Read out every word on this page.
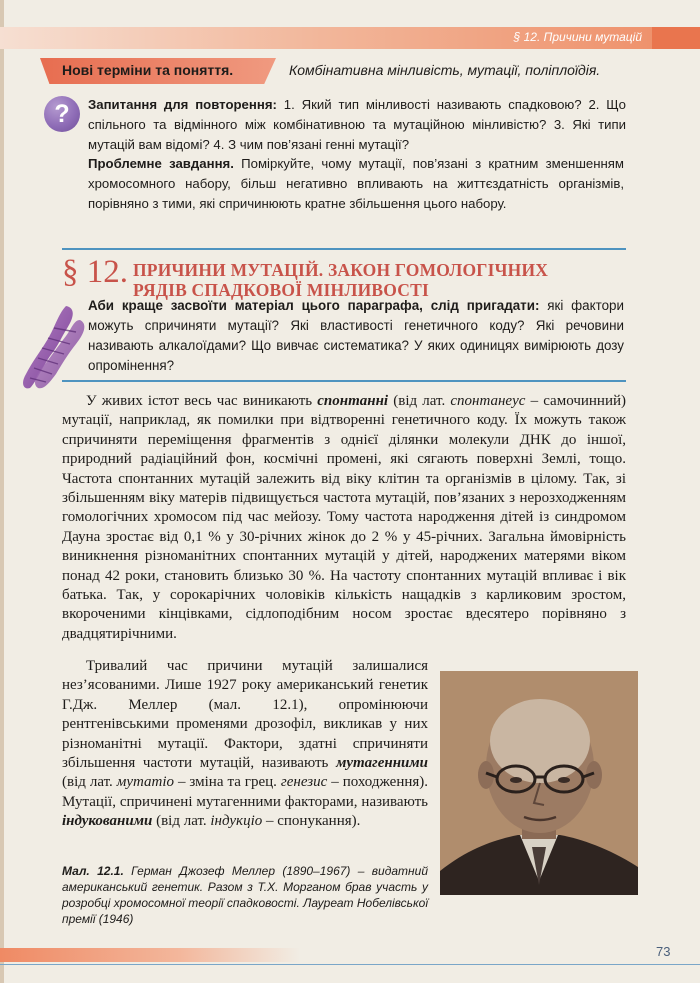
§ 12. Причини мутацій
Нові терміни та поняття.	Комбінативна мінливість, мутації, поліплоїдія.
?	Запитання для повторення: 1. Який тип мінливості називають спадковою? 2. Що спільного та відмінного між комбінативною та мутаційною мінливістю? 3. Які типи мутацій вам відомі? 4. З чим пов’язані генні мутації?
Проблемне завдання. Поміркуйте, чому мутації, пов’язані з кратним зменшенням хромосомного набору, більш негативно впливають на життєздатність організмів, порівняно з тими, які спричинюють кратне збільшення цього набору.
§ 12. ПРИЧИНИ МУТАЦІЙ. ЗАКОН ГОМОЛОГІЧНИХ РЯДІВ СПАДКОВОЇ МІНЛИВОСТІ
Аби краще засвоїти матеріал цього параграфа, слід пригадати: які фактори можуть спричиняти мутації? Які властивості генетичного коду? Які речовини називають алкалоїдами? Що вивчає систематика? У яких одиницях вимірюють дозу опромінення?
У живих істот весь час виникають спонтанні (від лат. спонтанеус – самочинний) мутації, наприклад, як помилки при відтворенні генетичного коду. Їх можуть також спричиняти переміщення фрагментів з однієї ділянки молекули ДНК до іншої, природний радіаційний фон, космічні промені, які сягають поверхні Землі, тощо. Частота спонтанних мутацій залежить від віку клітин та організмів в цілому. Так, зі збільшенням віку матерів підвищується частота мутацій, пов’язаних з нерозходженням гомологічних хромосом під час мейозу. Тому частота народження дітей із синдромом Дауна зростає від 0,1 % у 30-річних жінок до 2 % у 45-річних. Загальна ймовірність виникнення різноманітних спонтанних мутацій у дітей, народжених матерями віком понад 42 роки, становить близько 30 %. На частоту спонтанних мутацій впливає і вік батька. Так, у сорокарічних чоловіків кількість нащадків з карликовим зростом, вкороченими кінцівками, сідлоподібним носом зростає вдесятеро порівняно з двадцятирічними.
Тривалий час причини мутацій залишалися нез’ясованими. Лише 1927 року американський генетик Г.Дж. Меллер (мал. 12.1), опромінюючи рентгенівськими променями дрозофіл, викликав у них різноманітні мутації. Фактори, здатні спричиняти збільшення частоти мутацій, називають мутагенними (від лат. мутатіо – зміна та грец. генезис – походження). Мутації, спричинені мутагенними факторами, називають індукованими (від лат. індукціо – спонукання).
Мал. 12.1. Герман Джозеф Меллер (1890–1967) – видатний американський генетик. Разом з Т.Х. Морганом брав участь у розробці хромосомної теорії спадковості. Лауреат Нобелівської премії (1946)
73
